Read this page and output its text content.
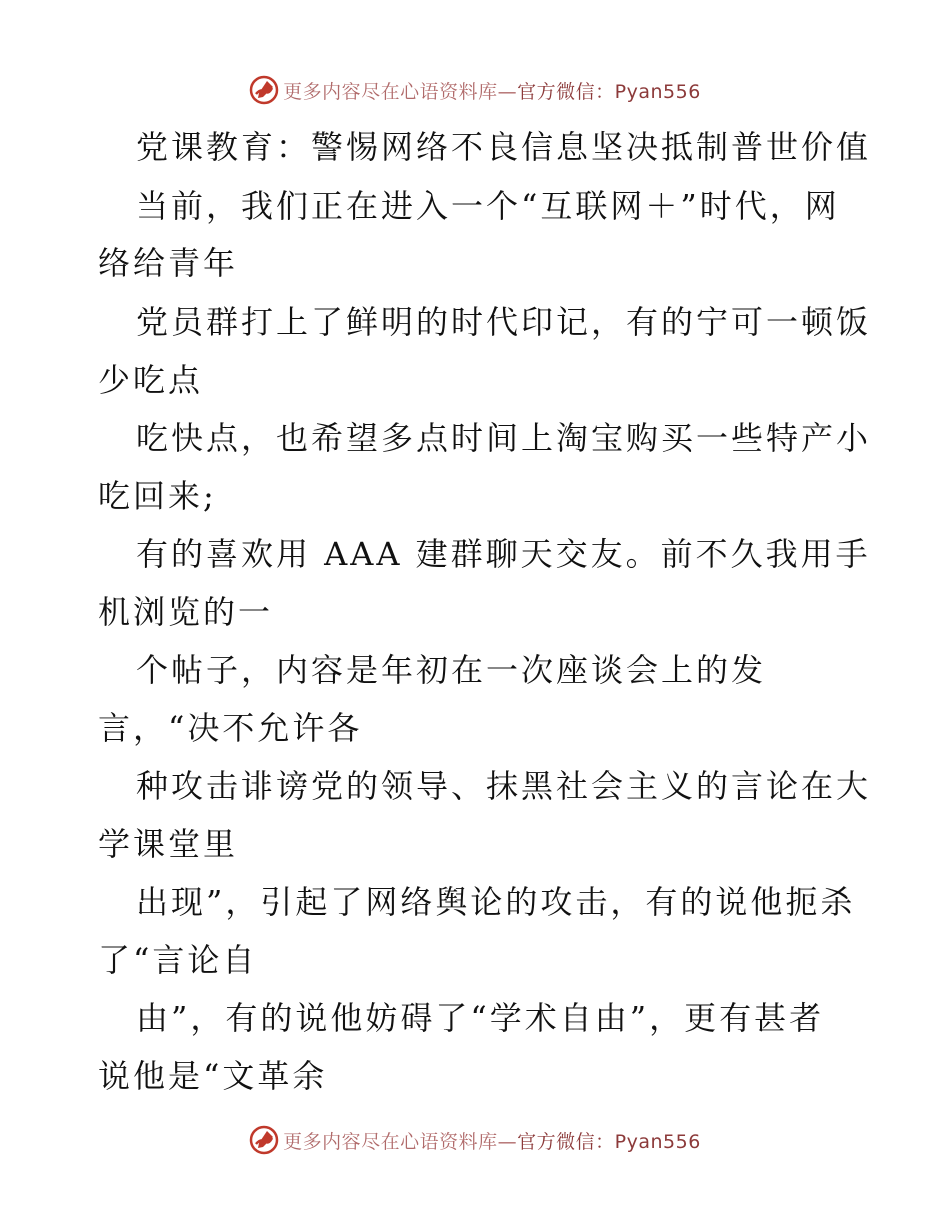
更多内容尽在心语资料库—官方微信：Pyan556
党课教育：警惕网络不良信息坚决抵制普世价值
当前，我们正在进入一个“互联网＋”时代，网
络给青年
党员群打上了鲜明的时代印记，有的宁可一顿饭
少吃点
吃快点，也希望多点时间上淘宝购买一些特产小
吃回来;
有的喜欢用 AAA 建群聊天交友。前不久我用手
机浏览的一
个帖子，内容是年初在一次座谈会上的发
言，“决不允许各
种攻击诽谤党的领导、抹黑社会主义的言论在大
学课堂里
出现”，引起了网络舆论的攻击，有的说他扼杀
了“言论自
由”，有的说他妨碍了“学术自由”，更有甚者
说他是“文革余
更多内容尽在心语资料库—官方微信：Pyan556
